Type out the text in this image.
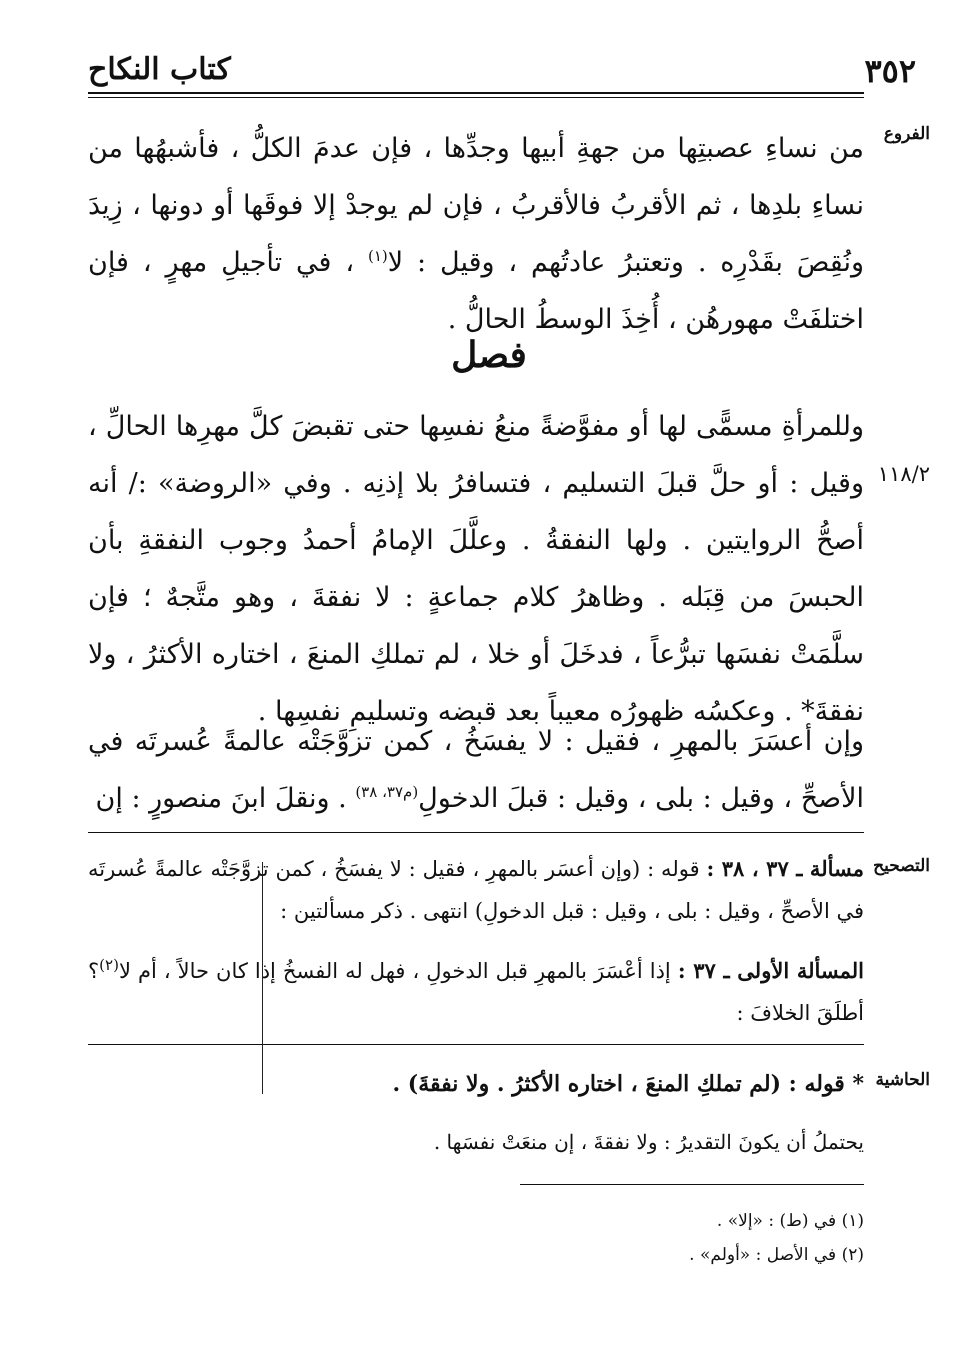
كتاب النكاح	٣٥٢
الفروع

من نساءِ عصبتِها من جهةِ أبيها وجدِّها ، فإن عدمَ الكلُّ ، فأشبهُها من نساءِ بلدِها ، ثم الأقربُ فالأقربُ ، فإن لم يوجدْ إلا فوقَها أو دونها ، زِيدَ ونُقِصَ بقَدْرِه . وتعتبرُ عادتُهم ، وقيل : لا$^{(١)}$ ، في تأجيلِ مهرٍ ، فإن اختلفَتْ مهورهُن ، أُخِذَ الوسطُ الحالُّ .

فصل
١١٨/٢

وللمرأةِ مسمًّى لها أو مفوَّضةً منعُ نفسِها حتى تقبضَ كلَّ مهرِها الحالِّ ، وقيل : أو حلَّ قبلَ التسليم ، فتسافرُ بلا إذنِه . وفي «الروضة» :/ أنه أصحُّ الروايتين . ولها النفقةُ . وعلَّلَ الإمامُ أحمدُ وجوب النفقةِ بأن الحبسَ من قِبَله . وظاهرُ كلام جماعةٍ : لا نفقةَ ، وهو متَّجهٌ ؛ فإن سلَّمَتْ نفسَها تبرُّعاً ، فدخَلَ أو خلا ، لم تملكِ المنعَ ، اختاره الأكثرُ ، ولا نفقةَ* . وعكسُه ظهورُه معيباً بعد قبضه وتسليمِ نفسِها .

وإن أعسَرَ بالمهرِ ، فقيل : لا يفسَخُ ، كمن تزوَّجَتْه عالمةً عُسرتَه في الأصحِّ ، وقيل : بلى ، وقيل : قبلَ الدخولِ$^{(م٣٧، ٣٨)}$ . ونقلَ ابنَ منصورٍ : إن

التصحيح

مسألة ـ ٣٧ ، ٣٨ : قوله : (وإن أعسَر بالمهرِ ، فقيل : لا يفسَخُ ، كمن تزوَّجَتْه عالمةً عُسرتَه في الأصحِّ ، وقيل : بلى ، وقيل : قبل الدخولِ) انتهى . ذكر مسألتين :

المسألة الأولى ـ ٣٧ : إذا أعْسَرَ بالمهرِ قبل الدخولِ ، فهل له الفسخُ إذا كان حالاً ، أم لا$^{(٢)}$؟ أطلَقَ الخلافَ :

الحاشية

* قوله : (لم تملكِ المنعَ ، اختاره الأكثرُ . ولا نفقةَ) .

يحتملُ أن يكونَ التقديرُ : ولا نفقةَ ، إن منعَتْ نفسَها .

(١) في (ط) : «إلا» .

(٢) في الأصل : «أولم» .
